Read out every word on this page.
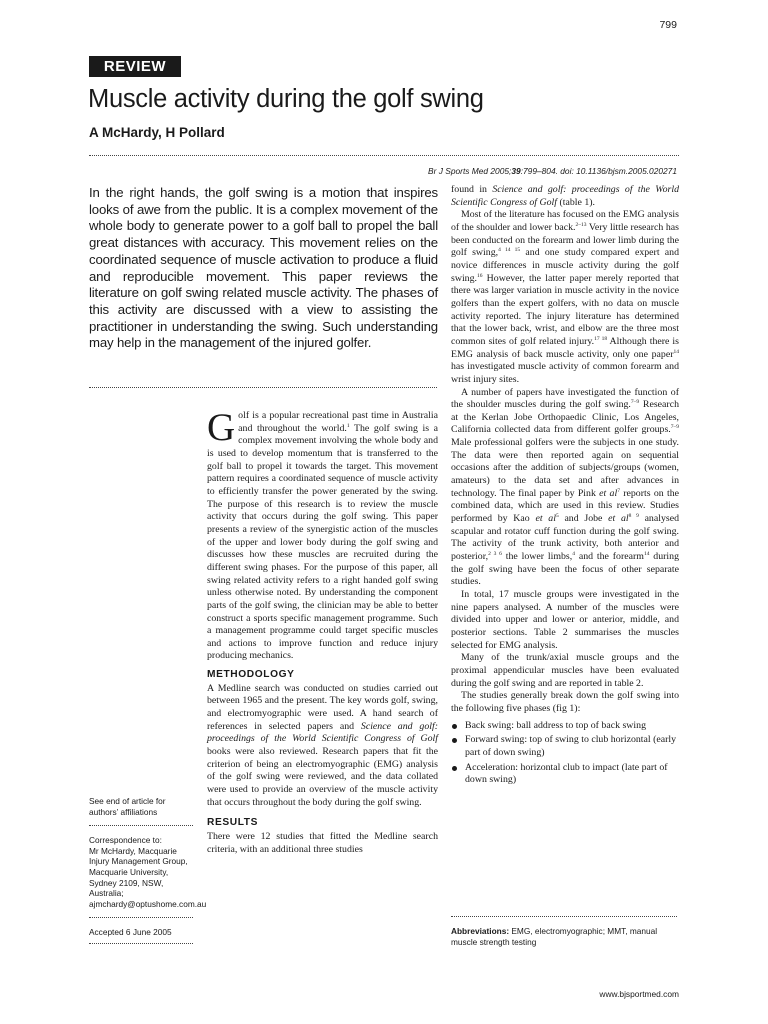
799
REVIEW
Muscle activity during the golf swing
A McHardy, H Pollard
Br J Sports Med 2005;39:799–804. doi: 10.1136/bjsm.2005.020271
In the right hands, the golf swing is a motion that inspires looks of awe from the public. It is a complex movement of the whole body to generate power to a golf ball to propel the ball great distances with accuracy. This movement relies on the coordinated sequence of muscle activation to produce a fluid and reproducible movement. This paper reviews the literature on golf swing related muscle activity. The phases of this activity are discussed with a view to assisting the practitioner in understanding the swing. Such understanding may help in the management of the injured golfer.

Golf is a popular recreational past time in Australia and throughout the world.$^1$ The golf swing is a complex movement involving the whole body and is used to develop momentum that is transferred to the golf ball to propel it towards the target. This movement pattern requires a coordinated sequence of muscle activity to efficiently transfer the power generated by the swing. The purpose of this research is to review the muscle activity that occurs during the golf swing. This paper presents a review of the synergistic action of the muscles of the upper and lower body during the golf swing and discusses how these muscles are recruited during the different swing phases. For the purpose of this paper, all swing related activity refers to a right handed golf swing unless otherwise noted. By understanding the component parts of the golf swing, the clinician may be able to better construct a sports specific management programme. Such a management programme could target specific muscles and actions to improve function and reduce injury producing mechanics.

METHODOLOGY

A Medline search was conducted on studies carried out between 1965 and the present. The key words golf, swing, and electromyographic were used. A hand search of references in selected papers and Science and golf: proceedings of the World Scientific Congress of Golf books were also reviewed. Research papers that fit the criterion of being an electromyographic (EMG) analysis of the golf swing were reviewed, and the data collated were used to provide an overview of the muscle activity that occurs throughout the body during the golf swing.

RESULTS

There were 12 studies that fitted the Medline search criteria, with an additional three studies

found in Science and golf: proceedings of the World Scientific Congress of Golf (table 1).

Most of the literature has focused on the EMG analysis of the shoulder and lower back.$^{2-13}$ Very little research has been conducted on the forearm and lower limb during the golf swing,$^{4 14 15}$ and one study compared expert and novice differences in muscle activity during the golf swing.$^{16}$ However, the latter paper merely reported that there was larger variation in muscle activity in the novice golfers than the expert golfers, with no data on muscle activity reported. The injury literature has determined that the lower back, wrist, and elbow are the three most common sites of golf related injury.$^{17 18}$ Although there is EMG analysis of back muscle activity, only one paper$^{14}$ has investigated muscle activity of common forearm and wrist injury sites.

A number of papers have investigated the function of the shoulder muscles during the golf swing.$^{7-9}$ Research at the Kerlan Jobe Orthopaedic Clinic, Los Angeles, California collected data from different golfer groups.$^{7-9}$ Male professional golfers were the subjects in one study. The data were then reported again on sequential occasions after the addition of subjects/groups (women, amateurs) to the data set and after advances in technology. The final paper by Pink et $al^7$ reports on the combined data, which are used in this review. Studies performed by Kao et $al^5$ and Jobe et $al^{8 9}$ analysed scapular and rotator cuff function during the golf swing. The activity of the trunk activity, both anterior and posterior,$^{2 3 6}$ the lower limbs,$^4$ and the forearm$^{14}$ during the golf swing have been the focus of other separate studies.

In total, 17 muscle groups were investigated in the nine papers analysed. A number of the muscles were divided into upper and lower or anterior, middle, and posterior sections. Table 2 summarises the muscles selected for EMG analysis.

Many of the trunk/axial muscle groups and the proximal appendicular muscles have been evaluated during the golf swing and are reported in table 2.

The studies generally break down the golf swing into the following five phases (fig 1):

Back swing: ball address to top of back swing
Forward swing: top of swing to club horizontal (early part of down swing)
Acceleration: horizontal club to impact (late part of down swing)

See end of article for authors’ affiliations

Correspondence to:

Mr McHardy, Macquarie Injury Management Group, Macquarie University, Sydney 2109, NSW, Australia; ajmchardy@optushome.com.au

Accepted 6 June 2005	Abbreviations: EMG, electromyographic; MMT, manual muscle strength testing
www.bjsportmed.com
